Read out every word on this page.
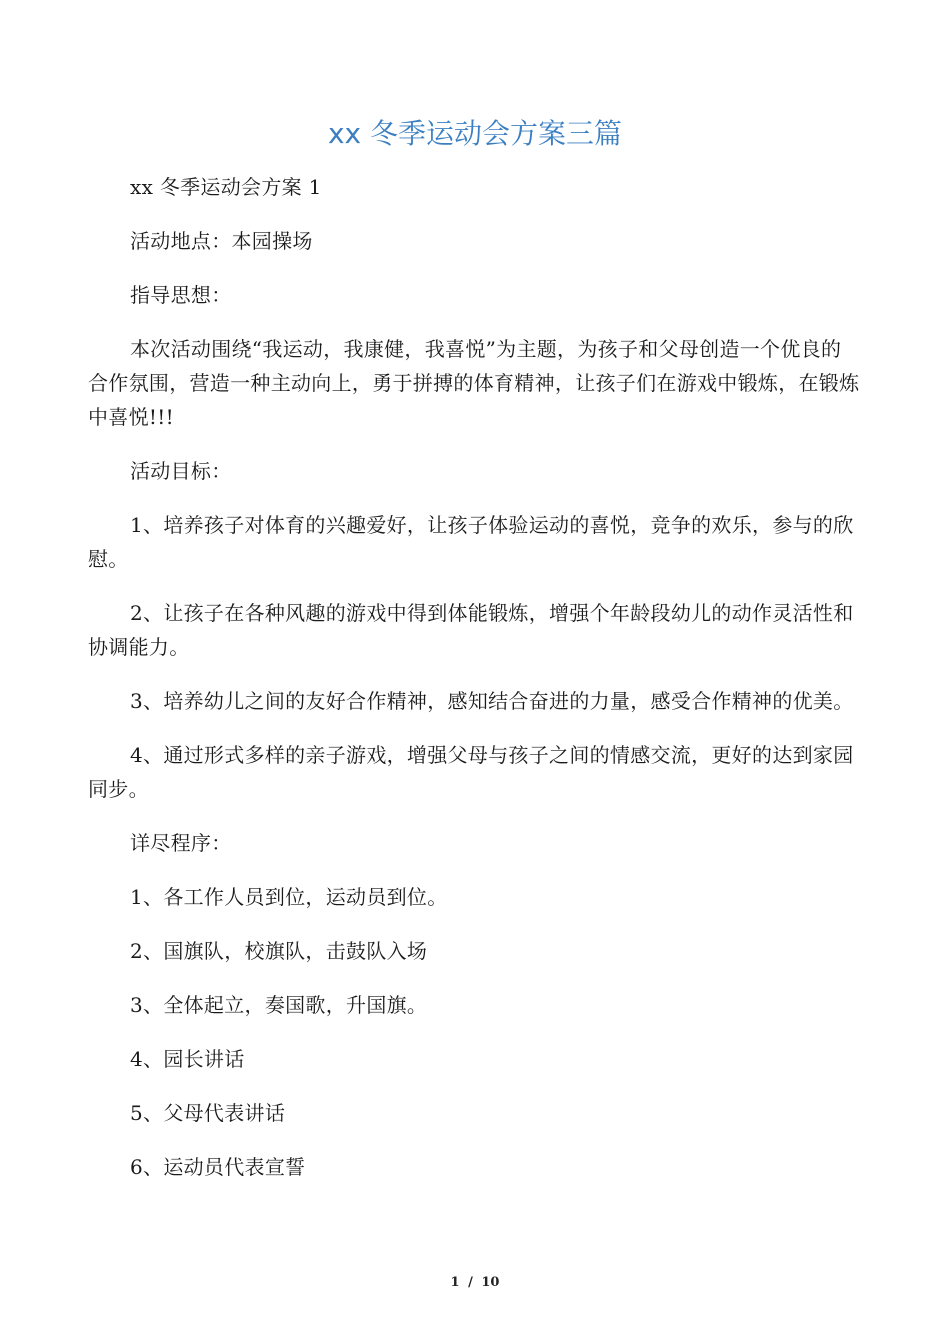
xx 冬季运动会方案三篇

xx 冬季运动会方案 1

活动地点：本园操场

指导思想：

本次活动围绕“我运动，我康健，我喜悦”为主题，为孩子和父母创造一个优良的合作氛围，营造一种主动向上，勇于拼搏的体育精神，让孩子们在游戏中锻炼，在锻炼中喜悦!!!

活动目标：

1、培养孩子对体育的兴趣爱好，让孩子体验运动的喜悦，竞争的欢乐，参与的欣慰。

2、让孩子在各种风趣的游戏中得到体能锻炼，增强个年龄段幼儿的动作灵活性和协调能力。

3、培养幼儿之间的友好合作精神，感知结合奋进的力量，感受合作精神的优美。

4、通过形式多样的亲子游戏，增强父母与孩子之间的情感交流，更好的达到家园同步。

详尽程序：

1、各工作人员到位，运动员到位。

2、国旗队，校旗队，击鼓队入场

3、全体起立，奏国歌，升国旗。

4、园长讲话

5、父母代表讲话

6、运动员代表宣誓

1 / 10
